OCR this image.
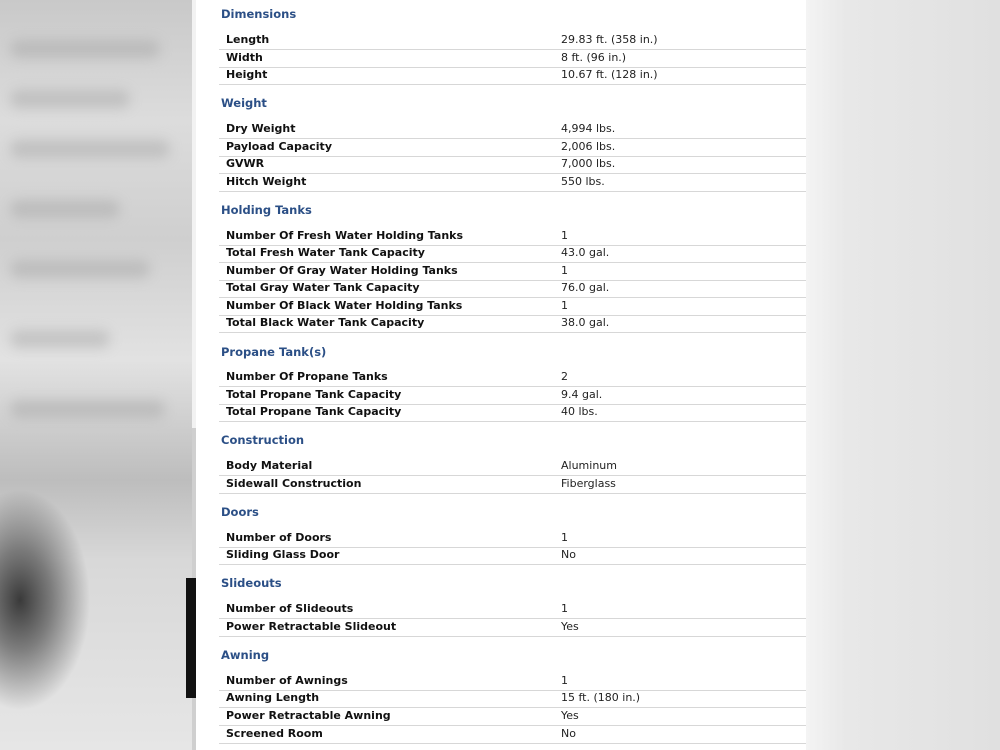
Dimensions
Length	29.83 ft. (358 in.)
Width	8 ft. (96 in.)
Height	10.67 ft. (128 in.)
Weight
Dry Weight	4,994 lbs.
Payload Capacity	2,006 lbs.
GVWR	7,000 lbs.
Hitch Weight	550 lbs.
Holding Tanks
Number Of Fresh Water Holding Tanks	1
Total Fresh Water Tank Capacity	43.0 gal.
Number Of Gray Water Holding Tanks	1
Total Gray Water Tank Capacity	76.0 gal.
Number Of Black Water Holding Tanks	1
Total Black Water Tank Capacity	38.0 gal.
Propane Tank(s)
Number Of Propane Tanks	2
Total Propane Tank Capacity	9.4 gal.
Total Propane Tank Capacity	40 lbs.
Construction
Body Material	Aluminum
Sidewall Construction	Fiberglass
Doors
Number of Doors	1
Sliding Glass Door	No
Slideouts
Number of Slideouts	1
Power Retractable Slideout	Yes
Awning
Number of Awnings	1
Awning Length	15 ft. (180 in.)
Power Retractable Awning	Yes
Screened Room	No
